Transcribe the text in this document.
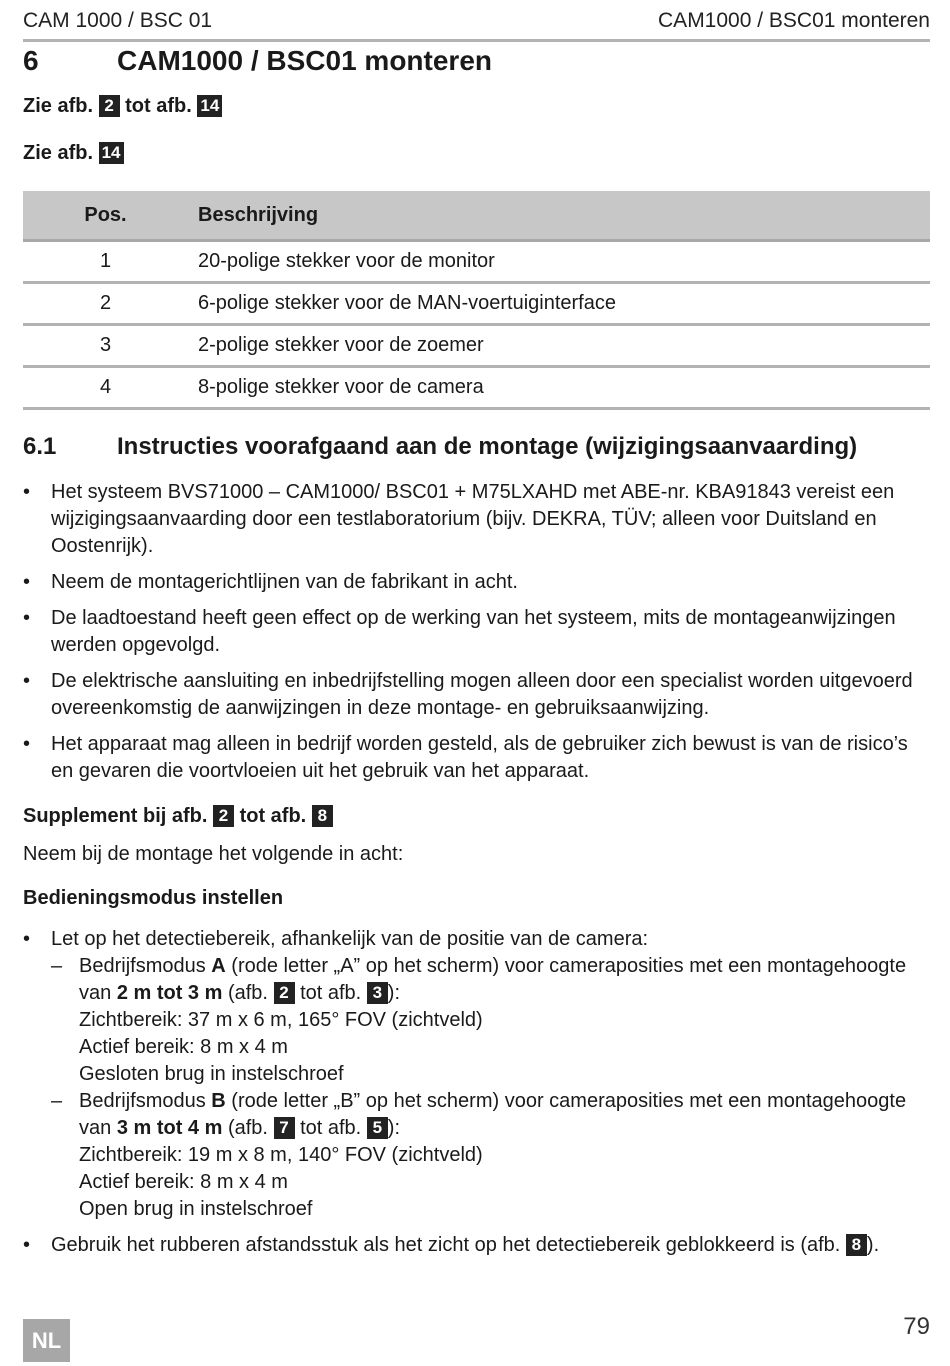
CAM 1000 / BSC 01	CAM1000 / BSC01 monteren
6	CAM1000 / BSC01 monteren
Zie afb. 2 tot afb. 14
Zie afb. 14
Pos.	Beschrijving
1	20-polige stekker voor de monitor
2	6-polige stekker voor de MAN-voertuiginterface
3	2-polige stekker voor de zoemer
4	8-polige stekker voor de camera
6.1	Instructies voorafgaand aan de montage (wijzigingsaanvaarding)
• Het systeem BVS71000 – CAM1000/ BSC01 + M75LXAHD met ABE-nr. KBA91843 vereist een wijzigingsaanvaarding door een testlaboratorium (bijv. DEKRA, TÜV; alleen voor Duitsland en Oostenrijk).
• Neem de montagerichtlijnen van de fabrikant in acht.
• De laadtoestand heeft geen effect op de werking van het systeem, mits de montageanwijzingen werden opgevolgd.
• De elektrische aansluiting en inbedrijfstelling mogen alleen door een specialist worden uitgevoerd overeenkomstig de aanwijzingen in deze montage- en gebruiksaanwijzing.
• Het apparaat mag alleen in bedrijf worden gesteld, als de gebruiker zich bewust is van de risico’s en gevaren die voortvloeien uit het gebruik van het apparaat.
Supplement bij afb. 2 tot afb. 8
Neem bij de montage het volgende in acht:
Bedieningsmodus instellen
• Let op het detectiebereik, afhankelijk van de positie van de camera:
– Bedrijfsmodus A (rode letter „A” op het scherm) voor cameraposities met een montagehoogte van 2 m tot 3 m (afb. 2 tot afb. 3 ):
Zichtbereik: 37 m x 6 m, 165° FOV (zichtveld)
Actief bereik: 8 m x 4 m
Gesloten brug in instelschroef
– Bedrijfsmodus B (rode letter „B” op het scherm) voor cameraposities met een montagehoogte van 3 m tot 4 m (afb. 7 tot afb. 5 ):
Zichtbereik: 19 m x 8 m, 140° FOV (zichtveld)
Actief bereik: 8 m x 4 m
Open brug in instelschroef
• Gebruik het rubberen afstandsstuk als het zicht op het detectiebereik geblokkeerd is (afb. 8 ).
NL
79
